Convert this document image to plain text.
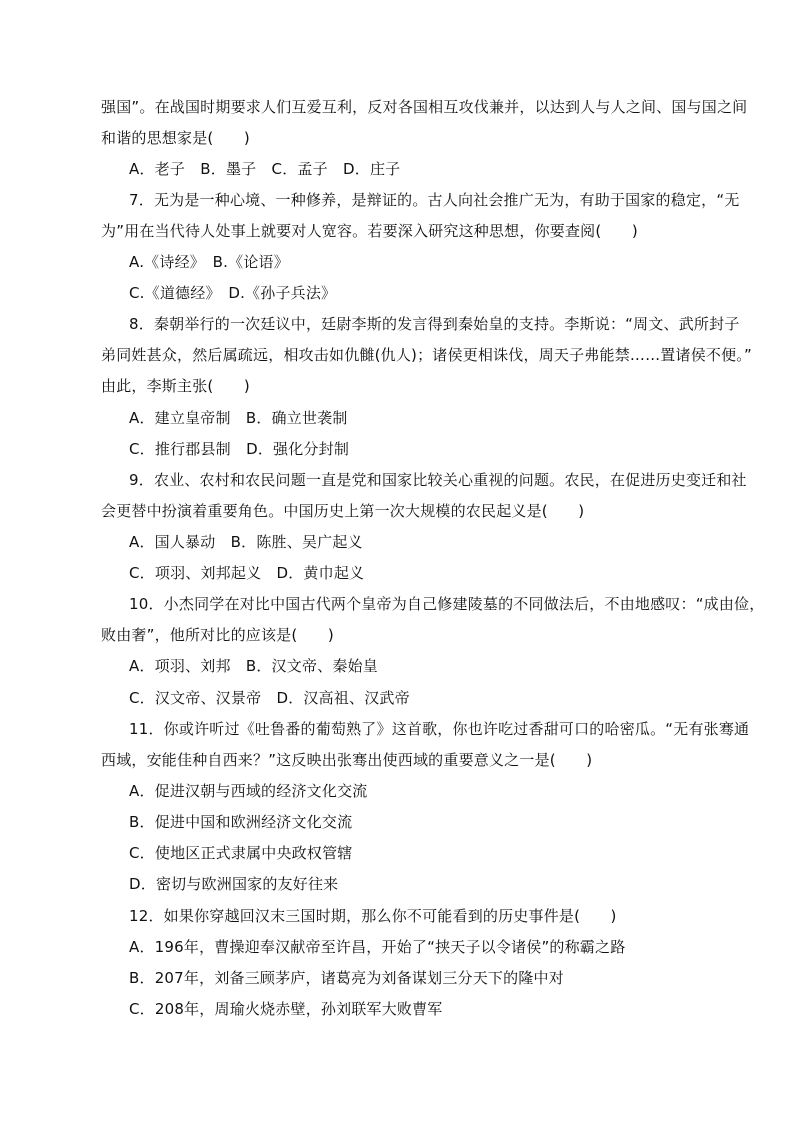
强国”。在战国时期要求人们互爱互利，反对各国相互攻伐兼并，以达到人与人之间、国与国之间
和谐的思想家是(　　)
A．老子　B．墨子　C．孟子　D．庄子
7．无为是一种心境、一种修养，是辩证的。古人向社会推广无为，有助于国家的稳定，“无
为”用在当代待人处事上就要对人宽容。若要深入研究这种思想，你要查阅(　　)
A.《诗经》　B.《论语》
C.《道德经》　D.《孙子兵法》
8．秦朝举行的一次廷议中，廷尉李斯的发言得到秦始皇的支持。李斯说：“周文、武所封子
弟同姓甚众，然后属疏远，相攻击如仇雠(仇人)；诸侯更相诛伐，周天子弗能禁……置诸侯不便。”
由此，李斯主张(　　)
A．建立皇帝制　B．确立世袭制
C．推行郡县制　D．强化分封制
9．农业、农村和农民问题一直是党和国家比较关心重视的问题。农民，在促进历史变迁和社
会更替中扮演着重要角色。中国历史上第一次大规模的农民起义是(　　)
A．国人暴动　B．陈胜、吴广起义
C．项羽、刘邦起义　D．黄巾起义
10．小杰同学在对比中国古代两个皇帝为自己修建陵墓的不同做法后，不由地感叹：“成由俭，
败由奢”，他所对比的应该是(　　)
A．项羽、刘邦　B．汉文帝、秦始皇
C．汉文帝、汉景帝　D．汉高祖、汉武帝
11．你或许听过《吐鲁番的葡萄熟了》这首歌，你也许吃过香甜可口的哈密瓜。“无有张骞通
西域，安能佳种自西来？”这反映出张骞出使西域的重要意义之一是(　　)
A．促进汉朝与西域的经济文化交流
B．促进中国和欧洲经济文化交流
C．使地区正式隶属中央政权管辖
D．密切与欧洲国家的友好往来
12．如果你穿越回汉末三国时期，那么你不可能看到的历史事件是(　　)
A．196年，曹操迎奉汉献帝至许昌，开始了“挟天子以令诸侯”的称霸之路
B．207年，刘备三顾茅庐，诸葛亮为刘备谋划三分天下的隆中对
C．208年，周瑜火烧赤壁，孙刘联军大败曹军
